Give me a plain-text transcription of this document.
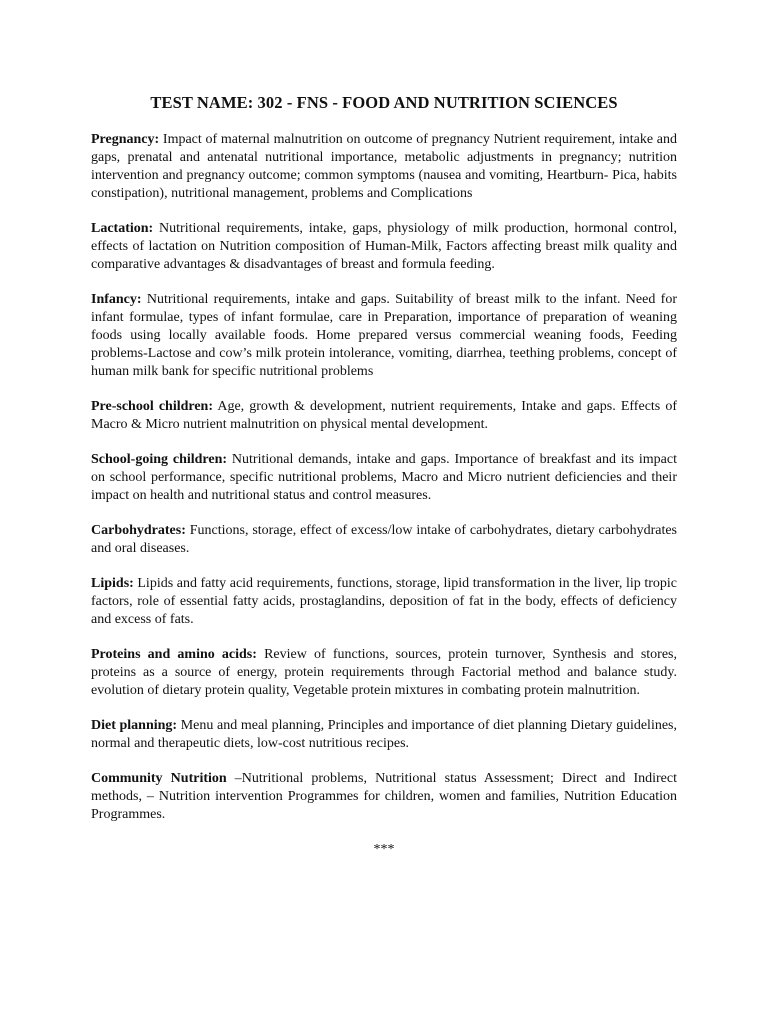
TEST NAME: 302 - FNS - FOOD AND NUTRITION SCIENCES
Pregnancy: Impact of maternal malnutrition on outcome of pregnancy Nutrient requirement, intake and gaps, prenatal and antenatal nutritional importance, metabolic adjustments in pregnancy; nutrition intervention and pregnancy outcome; common symptoms (nausea and vomiting, Heartburn- Pica, habits constipation), nutritional management, problems and Complications
Lactation: Nutritional requirements, intake, gaps, physiology of milk production, hormonal control, effects of lactation on Nutrition composition of Human-Milk, Factors affecting breast milk quality and comparative advantages & disadvantages of breast and formula feeding.
Infancy: Nutritional requirements, intake and gaps. Suitability of breast milk to the infant. Need for infant formulae, types of infant formulae, care in Preparation, importance of preparation of weaning foods using locally available foods. Home prepared versus commercial weaning foods, Feeding problems-Lactose and cow’s milk protein intolerance, vomiting, diarrhea, teething problems, concept of human milk bank for specific nutritional problems
Pre-school children: Age, growth & development, nutrient requirements, Intake and gaps. Effects of Macro & Micro nutrient malnutrition on physical mental development.
School-going children: Nutritional demands, intake and gaps. Importance of breakfast and its impact on school performance, specific nutritional problems, Macro and Micro nutrient deficiencies and their impact on health and nutritional status and control measures.
Carbohydrates: Functions, storage, effect of excess/low intake of carbohydrates, dietary carbohydrates and oral diseases.
Lipids: Lipids and fatty acid requirements, functions, storage, lipid transformation in the liver, lip tropic factors, role of essential fatty acids, prostaglandins, deposition of fat in the body, effects of deficiency and excess of fats.
Proteins and amino acids: Review of functions, sources, protein turnover, Synthesis and stores, proteins as a source of energy, protein requirements through Factorial method and balance study. evolution of dietary protein quality, Vegetable protein mixtures in combating protein malnutrition.
Diet planning: Menu and meal planning, Principles and importance of diet planning Dietary guidelines, normal and therapeutic diets, low-cost nutritious recipes.
Community Nutrition –Nutritional problems, Nutritional status Assessment; Direct and Indirect methods, – Nutrition intervention Programmes for children, women and families, Nutrition Education Programmes.
***
